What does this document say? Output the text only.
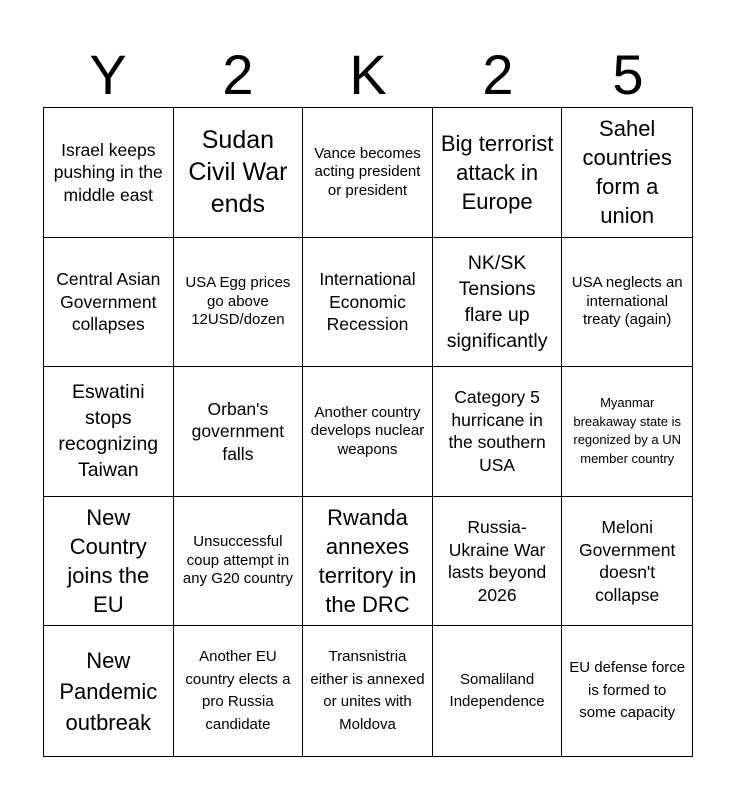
Y	2	K	2	5
Israel keeps pushing in the middle east
Sudan Civil War ends
Vance becomes acting president or president
Big terrorist attack in Europe
Sahel countries form a union
Central Asian Government collapses
USA Egg prices go above 12USD/dozen
International Economic Recession
NK/SK Tensions flare up significantly
USA neglects an international treaty (again)
Eswatini stops recognizing Taiwan
Orban's government falls
Another country develops nuclear weapons
Category 5 hurricane in the southern USA
Myanmar breakaway state is regonized by a UN member country
New Country joins the EU
Unsuccessful coup attempt in any G20 country
Rwanda annexes territory in the DRC
Russia-Ukraine War lasts beyond 2026
Meloni Government doesn't collapse
New Pandemic outbreak
Another EU country elects a pro Russia candidate
Transnistria either is annexed or unites with Moldova
Somaliland Independence
EU defense force is formed to some capacity
